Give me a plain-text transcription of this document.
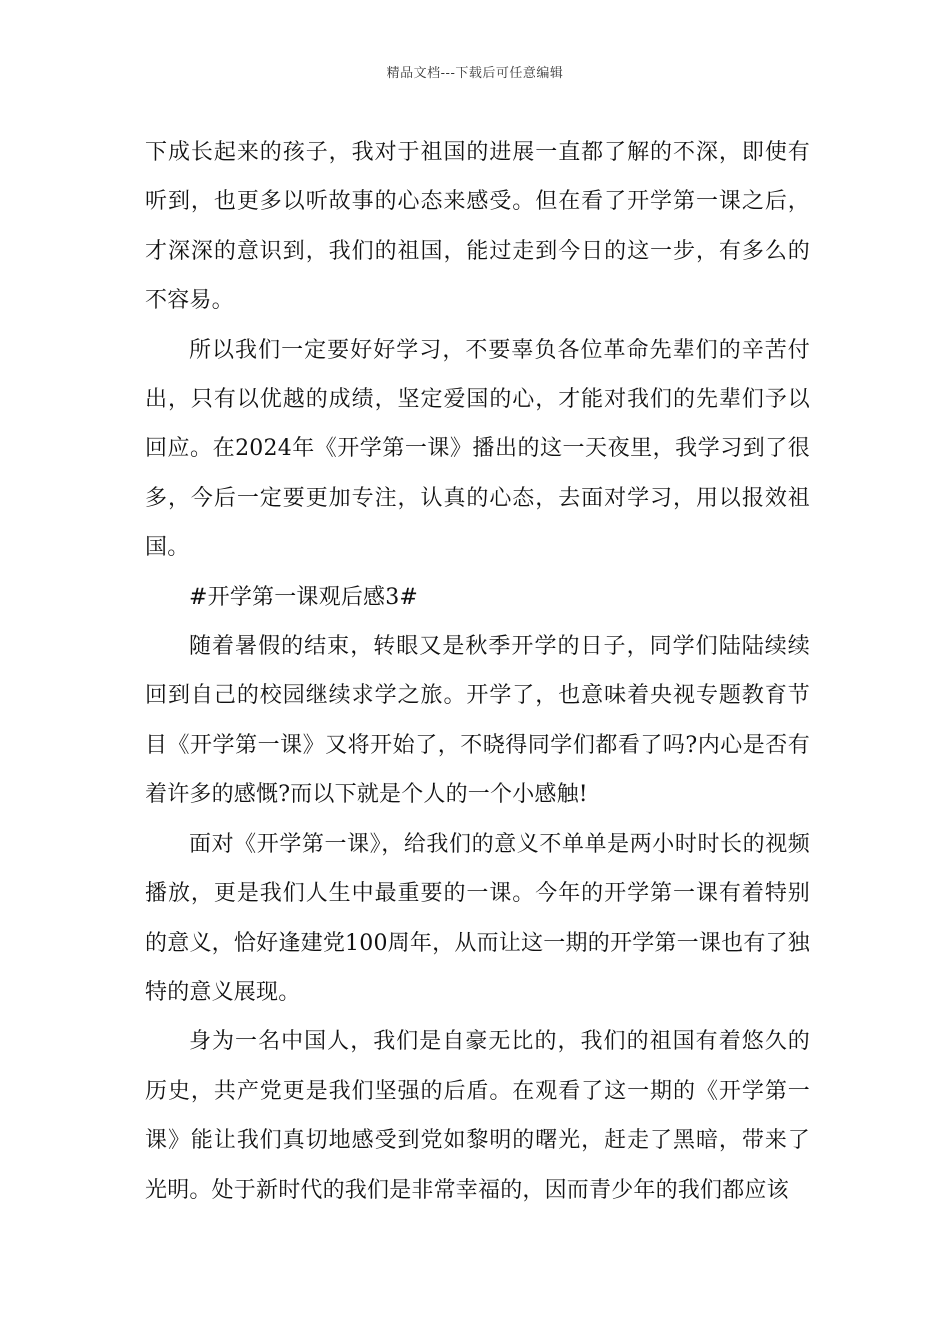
精品文档---下载后可任意编辑

下成长起来的孩子，我对于祖国的进展一直都了解的不深，即使有听到，也更多以听故事的心态来感受。但在看了开学第一课之后，才深深的意识到，我们的祖国，能过走到今日的这一步，有多么的不容易。

所以我们一定要好好学习，不要辜负各位革命先辈们的辛苦付出，只有以优越的成绩，坚定爱国的心，才能对我们的先辈们予以回应。在2024年《开学第一课》播出的这一天夜里，我学习到了很多，今后一定要更加专注，认真的心态，去面对学习，用以报效祖国。

#开学第一课观后感3#

随着暑假的结束，转眼又是秋季开学的日子，同学们陆陆续续回到自己的校园继续求学之旅。开学了，也意味着央视专题教育节目《开学第一课》又将开始了，不晓得同学们都看了吗?内心是否有着许多的感慨?而以下就是个人的一个小感触!

面对《开学第一课》，给我们的意义不单单是两小时时长的视频播放，更是我们人生中最重要的一课。今年的开学第一课有着特别的意义，恰好逢建党100周年，从而让这一期的开学第一课也有了独特的意义展现。

身为一名中国人，我们是自豪无比的，我们的祖国有着悠久的历史，共产党更是我们坚强的后盾。在观看了这一期的《开学第一课》能让我们真切地感受到党如黎明的曙光，赶走了黑暗，带来了光明。处于新时代的我们是非常幸福的，因而青少年的我们都应该
